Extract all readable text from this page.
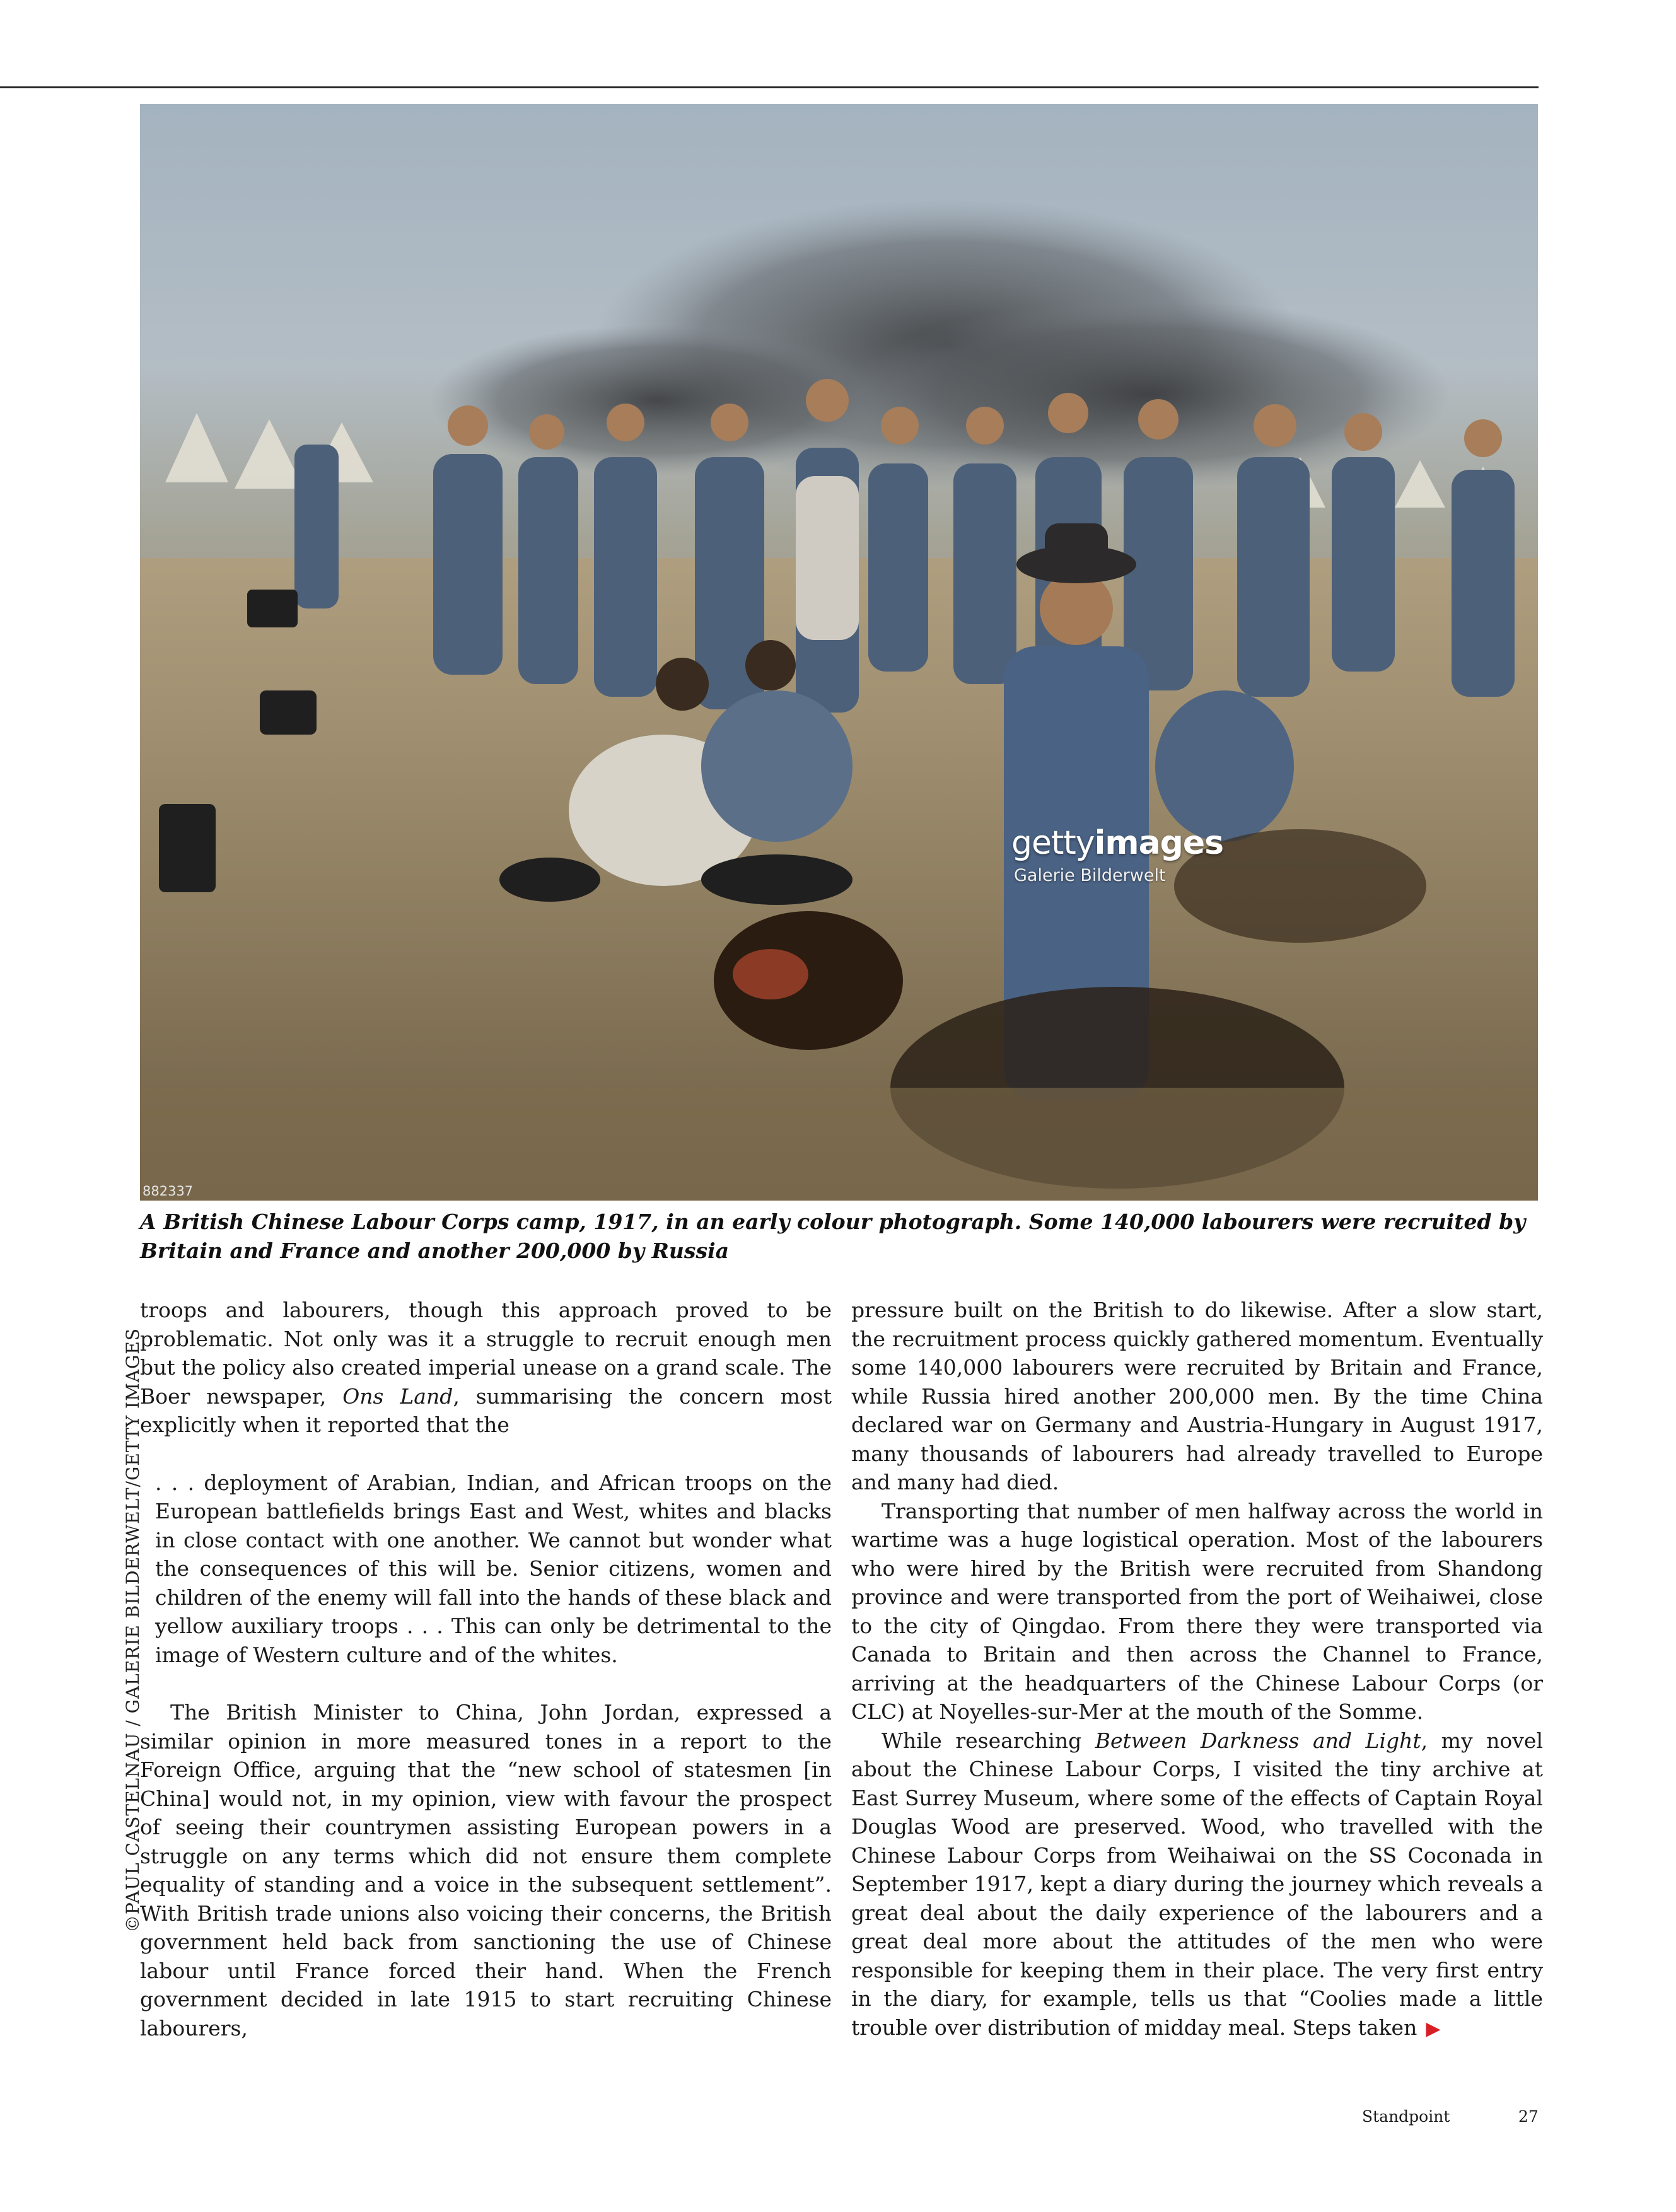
gettyimages
Galerie Bilderwelt
882337
A British Chinese Labour Corps camp, 1917, in an early colour photograph. Some 140,000 labourers were recruited by Britain and France and another 200,000 by Russia
©PAUL CASTELNAU / GALERIE BILDERWELT/GETTY IMAGES

troops and labourers, though this approach proved to be problematic. Not only was it a struggle to recruit enough men but the policy also created imperial unease on a grand scale. The Boer newspaper, Ons Land, summarising the concern most explicitly when it reported that the

. . . deployment of Arabian, Indian, and African troops on the European battlefields brings East and West, whites and blacks in close contact with one another. We cannot but wonder what the consequences of this will be. Senior citizens, women and children of the enemy will fall into the hands of these black and yellow auxiliary troops . . . This can only be detrimental to the image of Western culture and of the whites.

The British Minister to China, John Jordan, expressed a similar opinion in more measured tones in a report to the Foreign Office, arguing that the “new school of statesmen [in China] would not, in my opinion, view with favour the prospect of seeing their countrymen assisting European powers in a struggle on any terms which did not ensure them complete equality of standing and a voice in the subsequent settlement”. With British trade unions also voicing their concerns, the British government held back from sanctioning the use of Chinese labour until France forced their hand. When the French government decided in late 1915 to start recruiting Chinese labourers,

pressure built on the British to do likewise. After a slow start, the recruitment process quickly gathered momentum. Eventually some 140,000 labourers were recruited by Britain and France, while Russia hired another 200,000 men. By the time China declared war on Germany and Austria-Hungary in August 1917, many thousands of labourers had already travelled to Europe and many had died.

Transporting that number of men halfway across the world in wartime was a huge logistical operation. Most of the labourers who were hired by the British were recruited from Shandong province and were transported from the port of Weihaiwei, close to the city of Qingdao. From there they were transported via Canada to Britain and then across the Channel to France, arriving at the headquarters of the Chinese Labour Corps (or CLC) at Noyelles-sur-Mer at the mouth of the Somme.

While researching Between Darkness and Light, my novel about the Chinese Labour Corps, I visited the tiny archive at East Surrey Museum, where some of the effects of Captain Royal Douglas Wood are preserved. Wood, who travelled with the Chinese Labour Corps from Weihaiwai on the SS Coconada in September 1917, kept a diary during the journey which reveals a great deal about the daily experience of the labourers and a great deal more about the attitudes of the men who were responsible for keeping them in their place. The very first entry in the diary, for example, tells us that “Coolies made a little trouble over distribution of midday meal. Steps taken ▶

Standpoint	27
